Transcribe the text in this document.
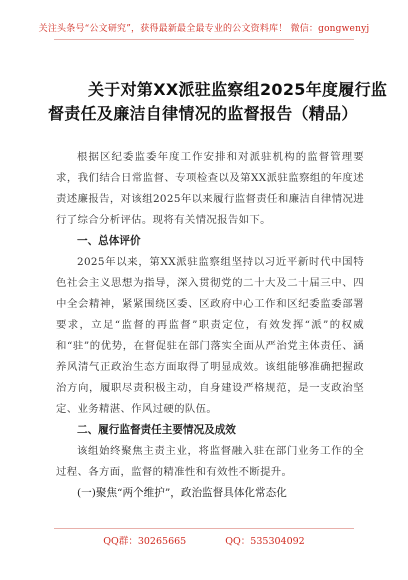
关注头条号“公文研究”，获得最新最全最专业的公文资料库！ 微信：gongwenyj
关于对第XX派驻监察组2025年度履行监
督责任及廉洁自律情况的监督报告（精品）

根据区纪委监委年度工作安排和对派驻机构的监督管理要求，我们结合日常监督、专项检查以及第XX派驻监察组的年度述责述廉报告，对该组2025年以来履行监督责任和廉洁自律情况进行了综合分析评估。现将有关情况报告如下。

一、总体评价

2025年以来，第XX派驻监察组坚持以习近平新时代中国特色社会主义思想为指导，深入贯彻党的二十大及二十届三中、四中全会精神，紧紧围绕区委、区政府中心工作和区纪委监委部署要求，立足“监督的再监督”职责定位，有效发挥“派”的权威和“驻”的优势，在督促驻在部门落实全面从严治党主体责任、涵养风清气正政治生态方面取得了明显成效。该组能够准确把握政治方向，履职尽责积极主动，自身建设严格规范，是一支政治坚定、业务精湛、作风过硬的队伍。

二、履行监督责任主要情况及成效

该组始终聚焦主责主业，将监督融入驻在部门业务工作的全过程、各方面，监督的精准性和有效性不断提升。

(一)聚焦“两个维护”，政治监督具体化常态化

QQ群：30265665	QQ：535304092
